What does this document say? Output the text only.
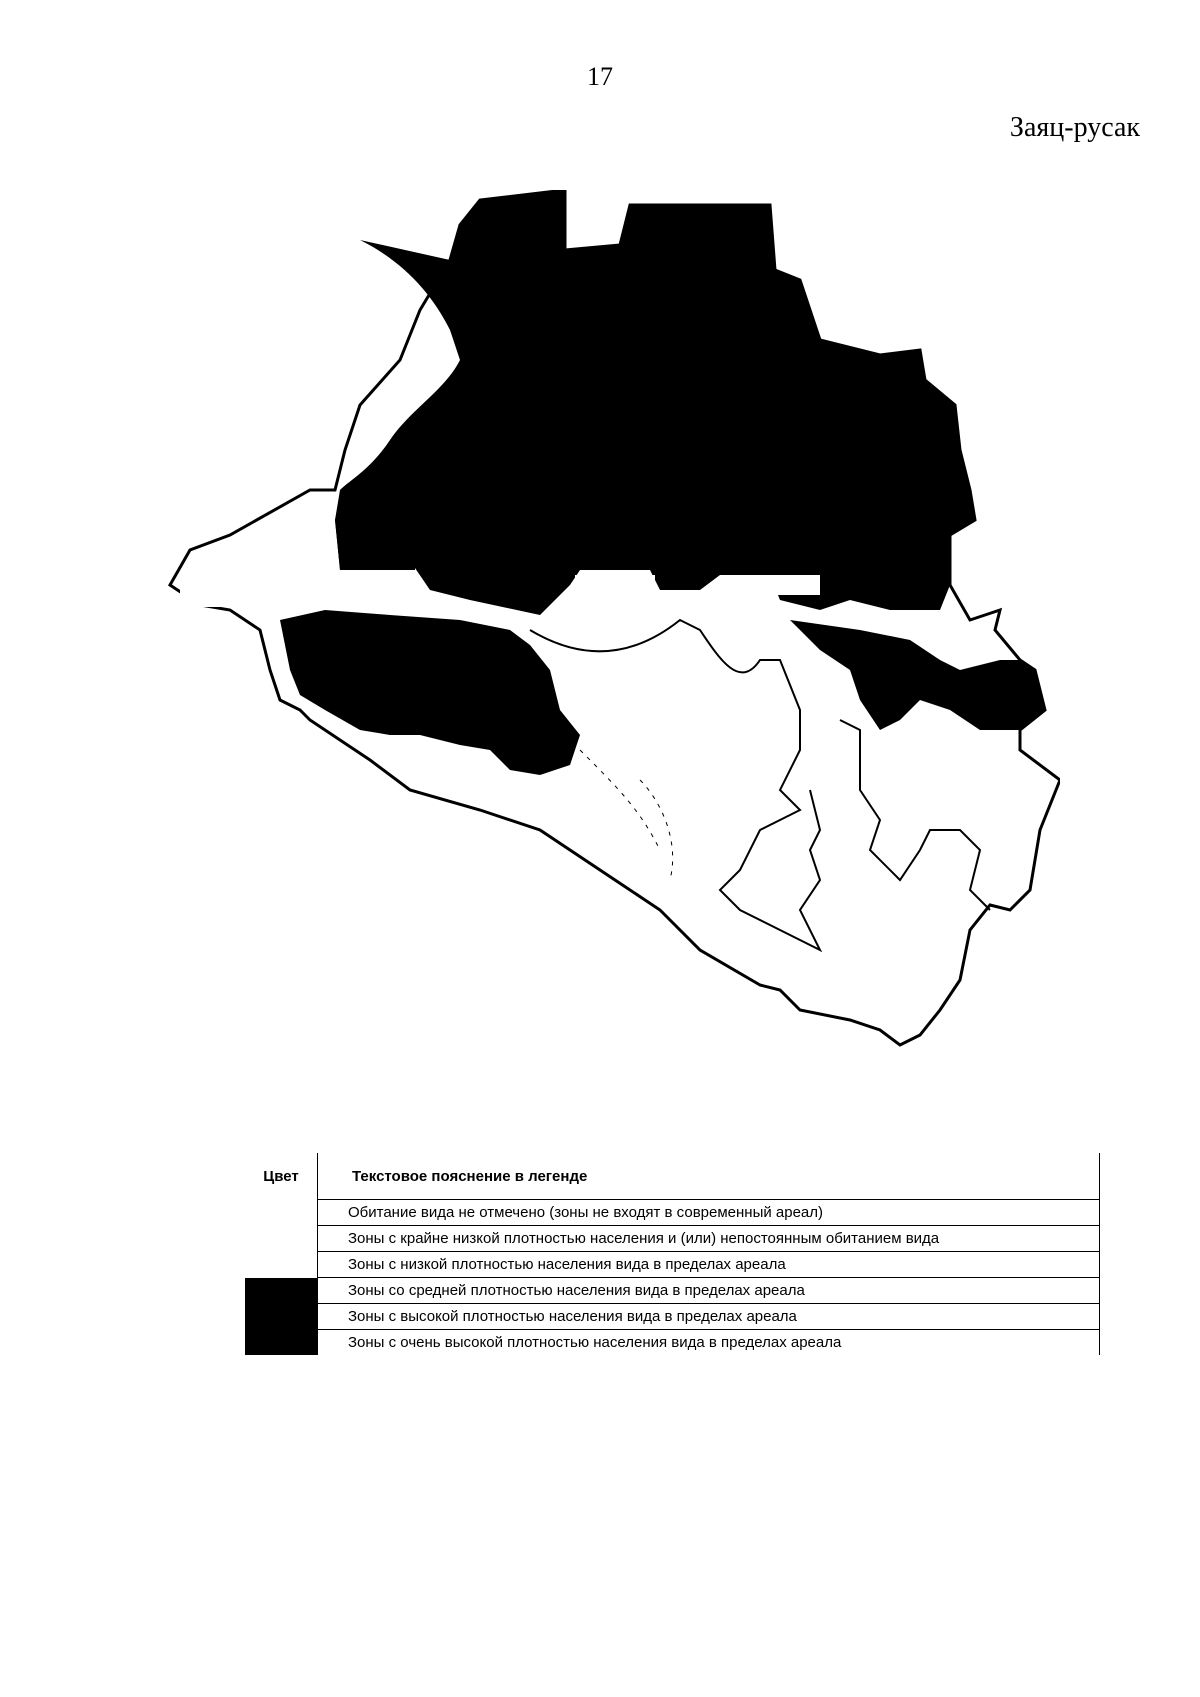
17
Заяц-русак
Цвет	Текстовое пояснение в легенде
	Обитание вида не отмечено (зоны не входят в современный ареал)
	Зоны с крайне низкой плотностью населения и (или) непостоянным обитанием вида
	Зоны с низкой плотностью населения вида в пределах ареала
	Зоны со средней плотностью населения вида в пределах ареала
	Зоны с высокой плотностью населения вида в пределах ареала
	Зоны с очень высокой плотностью населения вида в пределах ареала
